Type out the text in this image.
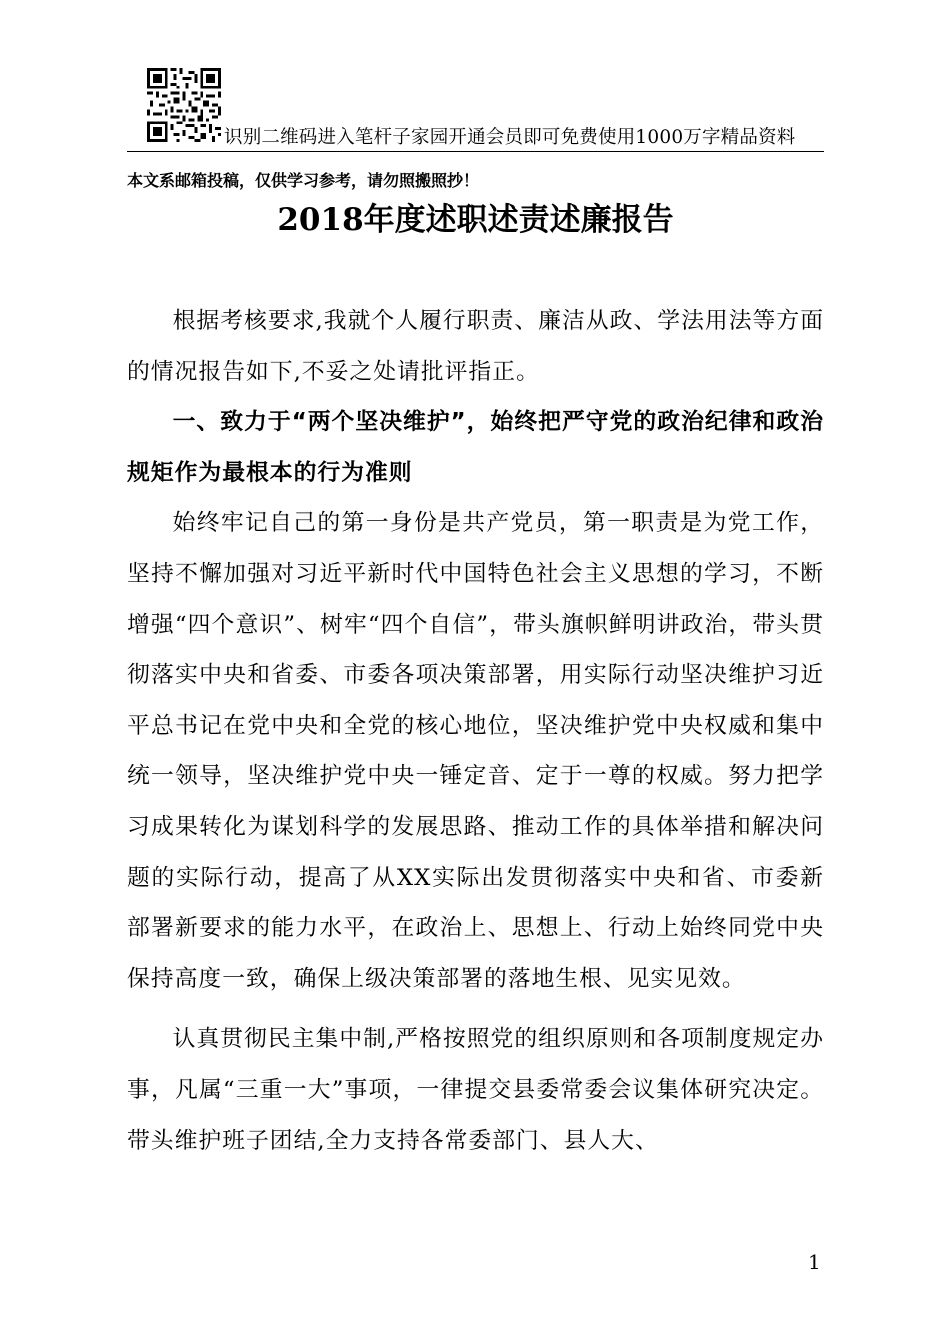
识别二维码进入笔杆子家园开通会员即可免费使用1000万字精品资料
本文系邮箱投稿，仅供学习参考，请勿照搬照抄！
2018年度述职述责述廉报告

根据考核要求,我就个人履行职责、廉洁从政、学法用法等方面的情况报告如下,不妥之处请批评指正。

一、致力于“两个坚决维护”，始终把严守党的政治纪律和政治规矩作为最根本的行为准则

始终牢记自己的第一身份是共产党员，第一职责是为党工作，坚持不懈加强对习近平新时代中国特色社会主义思想的学习，不断增强“四个意识”、树牢“四个自信”，带头旗帜鲜明讲政治，带头贯彻落实中央和省委、市委各项决策部署，用实际行动坚决维护习近平总书记在党中央和全党的核心地位，坚决维护党中央权威和集中统一领导，坚决维护党中央一锤定音、定于一尊的权威。努力把学习成果转化为谋划科学的发展思路、推动工作的具体举措和解决问题的实际行动，提高了从XX实际出发贯彻落实中央和省、市委新部署新要求的能力水平，在政治上、思想上、行动上始终同党中央保持高度一致，确保上级决策部署的落地生根、见实见效。

认真贯彻民主集中制,严格按照党的组织原则和各项制度规定办事，凡属“三重一大”事项，一律提交县委常委会议集体研究决定。带头维护班子团结,全力支持各常委部门、县人大、

1
